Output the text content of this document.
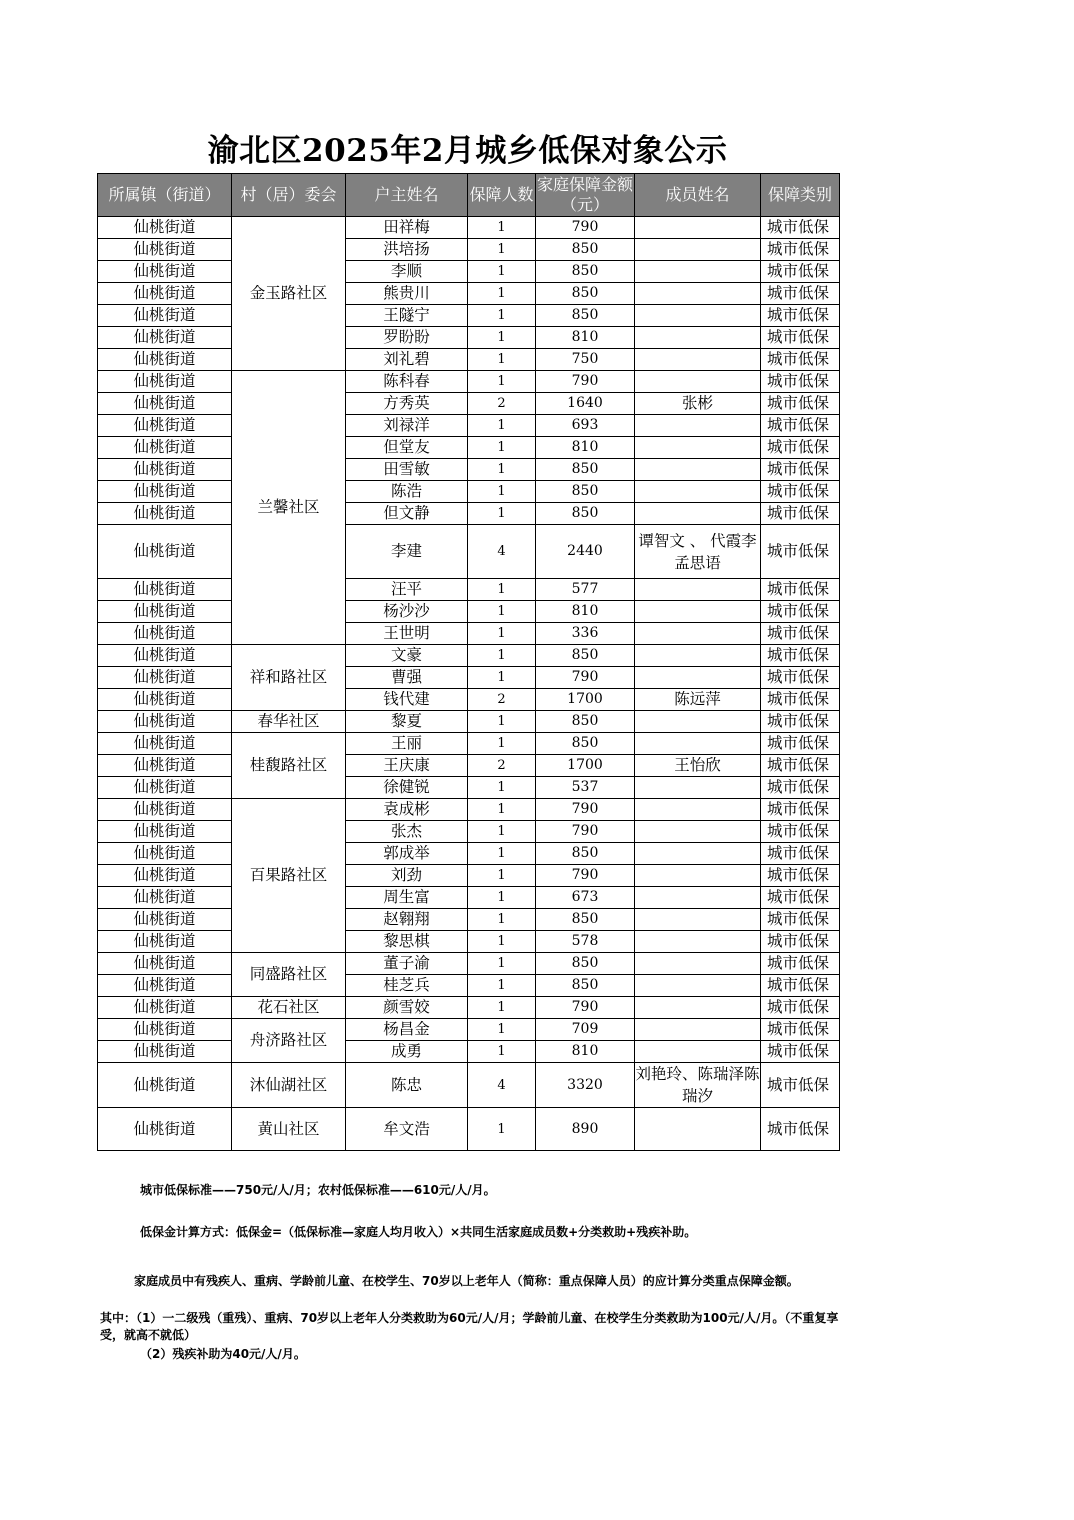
渝北区2025年2月城乡低保对象公示
所属镇（街道）	村（居）委会	户主姓名	保障人数	家庭保障金额（元）	成员姓名	保障类别
仙桃街道	金玉路社区	田祥梅	1	790		城市低保
仙桃街道		洪培扬	1	850		城市低保
仙桃街道		李顺	1	850		城市低保
仙桃街道		熊贵川	1	850		城市低保
仙桃街道		王隧宁	1	850		城市低保
仙桃街道		罗盼盼	1	810		城市低保
仙桃街道		刘礼碧	1	750		城市低保
仙桃街道	兰馨社区	陈科春	1	790		城市低保
仙桃街道		方秀英	2	1640	张彬	城市低保
仙桃街道		刘禄洋	1	693		城市低保
仙桃街道		但堂友	1	810		城市低保
仙桃街道		田雪敏	1	850		城市低保
仙桃街道		陈浩	1	850		城市低保
仙桃街道		但文静	1	850		城市低保
仙桃街道		李建	4	2440	谭智文 、 代霞李孟思语	城市低保
仙桃街道		汪平	1	577		城市低保
仙桃街道		杨沙沙	1	810		城市低保
仙桃街道		王世明	1	336		城市低保
仙桃街道	祥和路社区	文豪	1	850		城市低保
仙桃街道		曹强	1	790		城市低保
仙桃街道		钱代建	2	1700	陈远萍	城市低保
仙桃街道	春华社区	黎夏	1	850		城市低保
仙桃街道	桂馥路社区	王丽	1	850		城市低保
仙桃街道		王庆康	2	1700	王怡欣	城市低保
仙桃街道		徐健锐	1	537		城市低保
仙桃街道	百果路社区	袁成彬	1	790		城市低保
仙桃街道		张杰	1	790		城市低保
仙桃街道		郭成举	1	850		城市低保
仙桃街道		刘劲	1	790		城市低保
仙桃街道		周生富	1	673		城市低保
仙桃街道		赵翱翔	1	850		城市低保
仙桃街道		黎思棋	1	578		城市低保
仙桃街道	同盛路社区	董子渝	1	850		城市低保
仙桃街道		桂芝兵	1	850		城市低保
仙桃街道	花石社区	颜雪姣	1	790		城市低保
仙桃街道	舟济路社区	杨昌金	1	709		城市低保
仙桃街道		成勇	1	810		城市低保
仙桃街道	沐仙湖社区	陈忠	4	3320	刘艳玲、陈瑞泽陈瑞汐	城市低保
仙桃街道	黄山社区	牟文浩	1	890		城市低保
城市低保标准——750元/人/月；农村低保标准——610元/人/月。
低保金计算方式：低保金=（低保标准—家庭人均月收入）×共同生活家庭成员数+分类救助+残疾补助。
家庭成员中有残疾人、重病、学龄前儿童、在校学生、70岁以上老年人（简称：重点保障人员）的应计算分类重点保障金额。
其中：（1）一二级残（重残）、重病、70岁以上老年人分类救助为60元/人/月；学龄前儿童、在校学生分类救助为100元/人/月。（不重复享受，就高不就低）
（2）残疾补助为40元/人/月。
